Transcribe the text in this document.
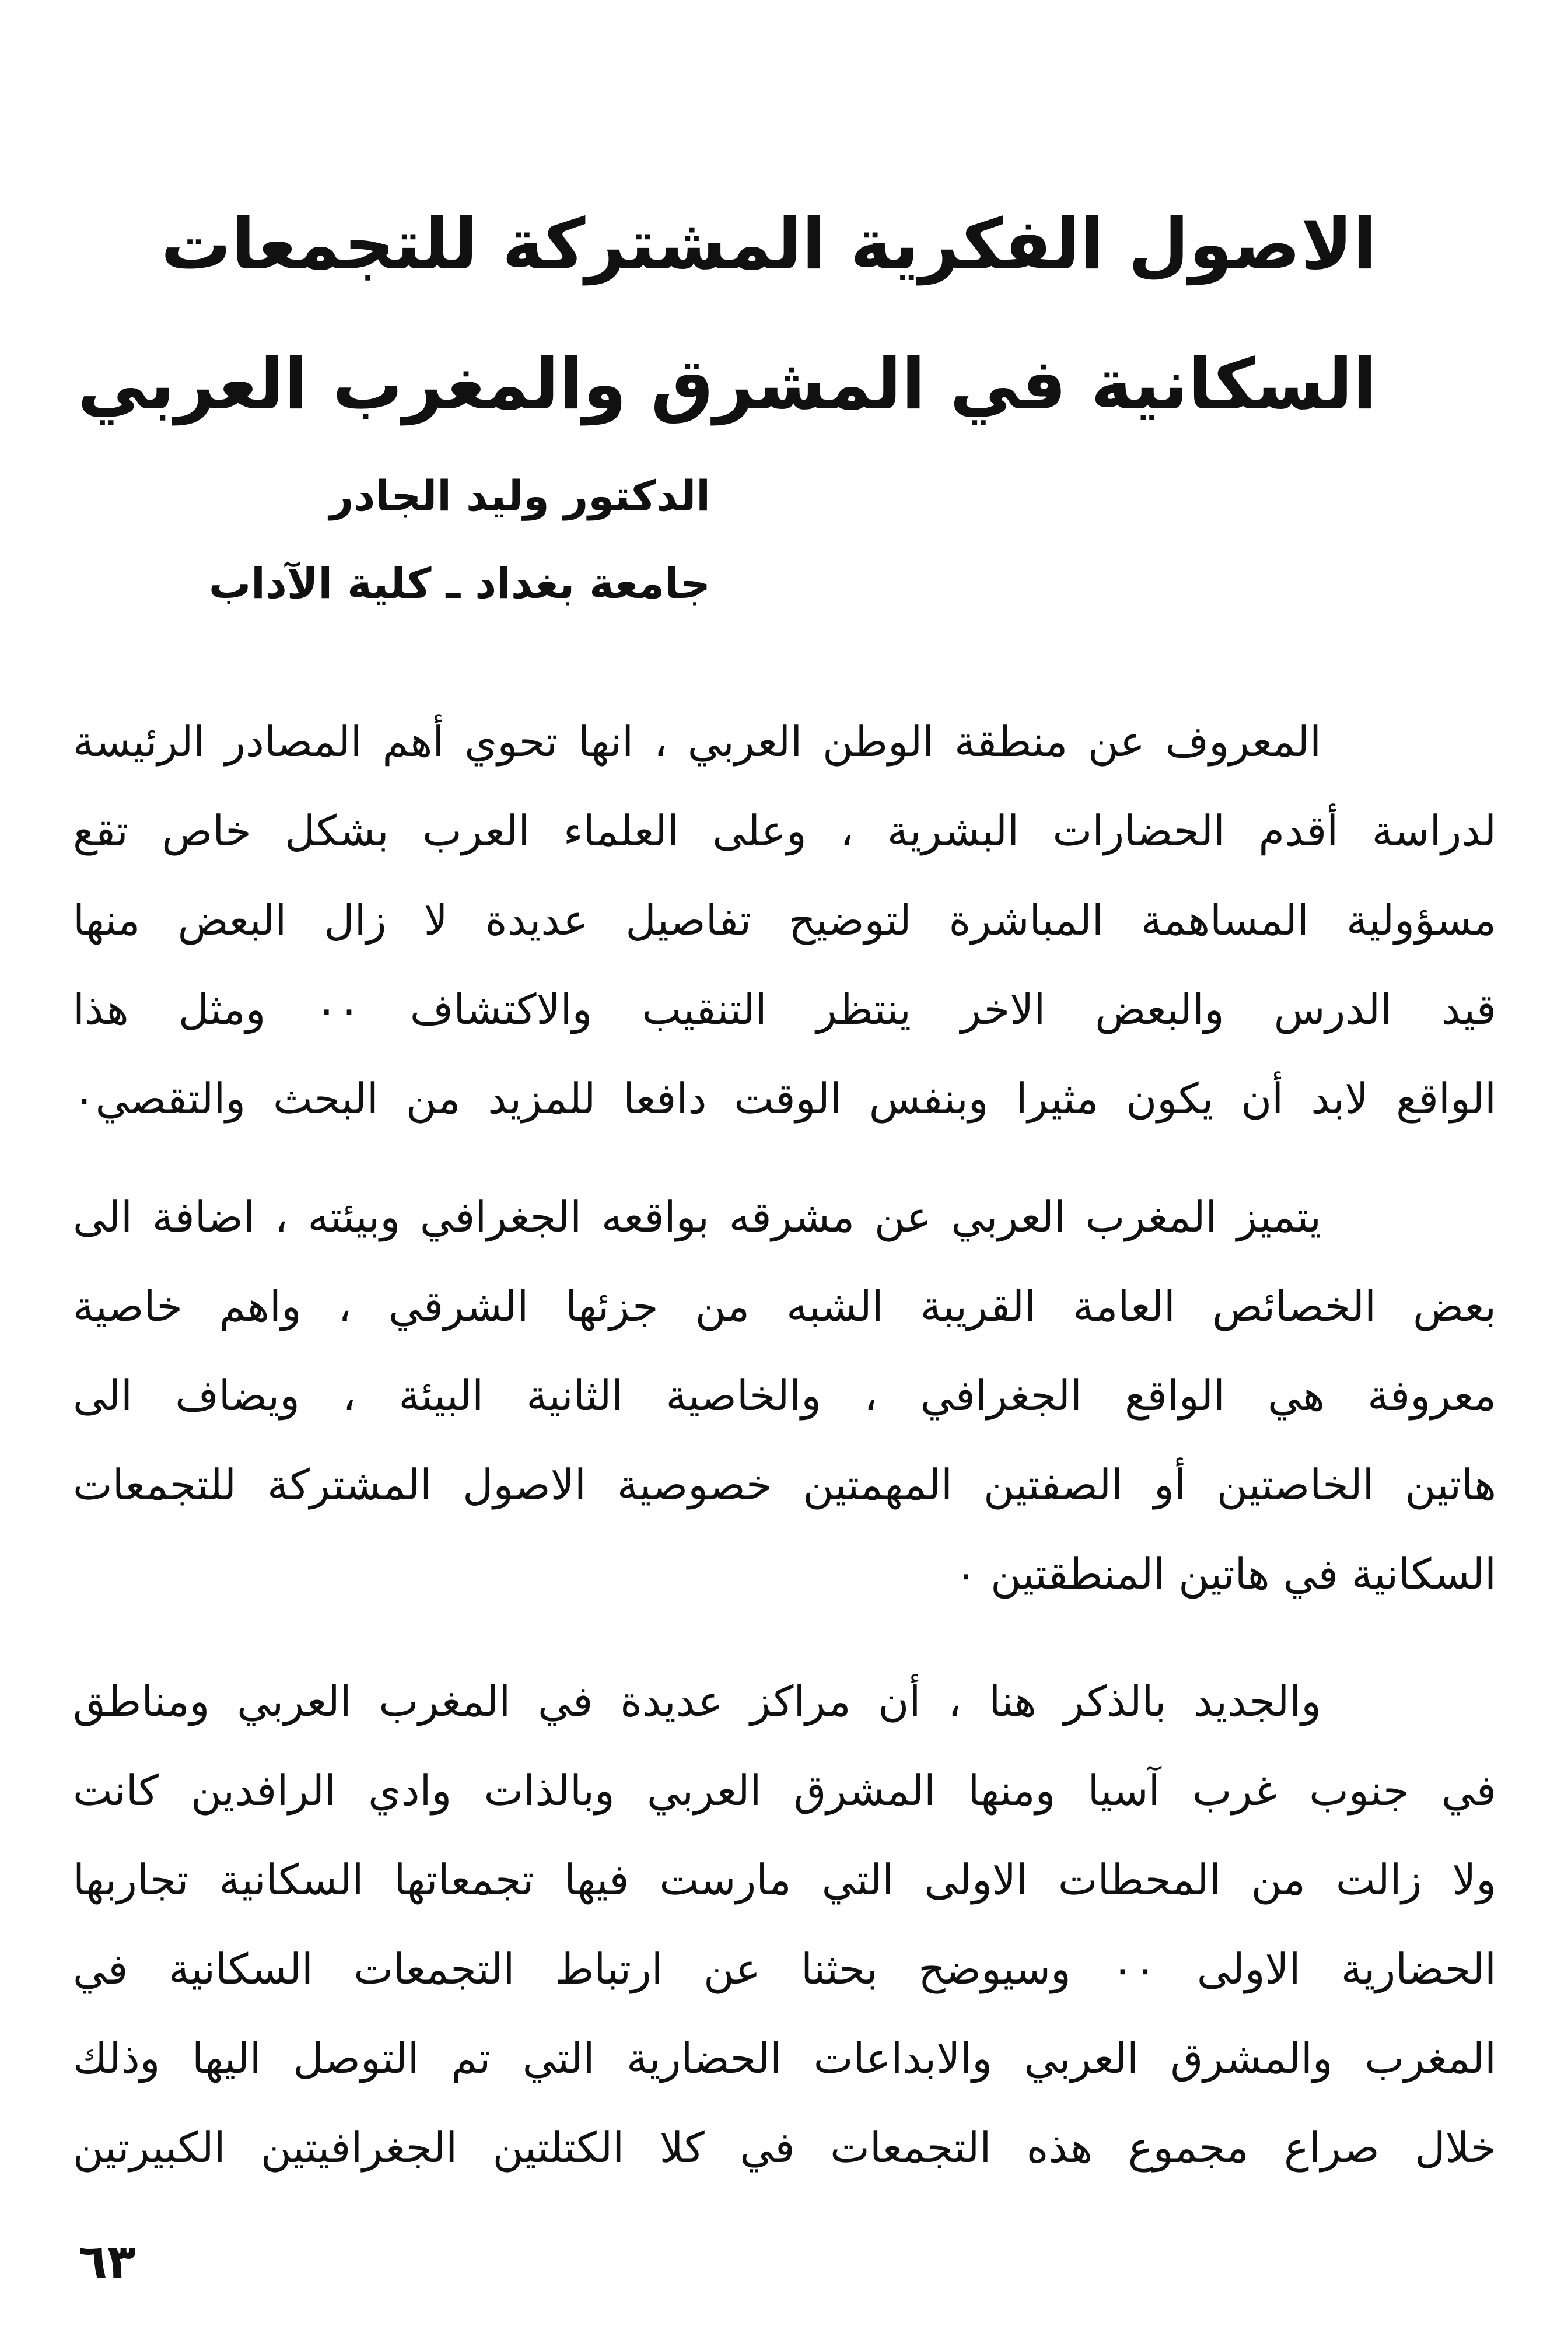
الاصول الفكرية المشتركة للتجمعات
السكانية في المشرق والمغرب العربي
الدكتور وليد الجادر
جامعة بغداد ـ كلية الآداب
المعروف عن منطقة الوطن العربي ، انها تحوي أهم المصادر الرئيسة
لدراسة أقدم الحضارات البشرية ، وعلى العلماء العرب بشكل خاص تقع
مسؤولية المساهمة المباشرة لتوضيح تفاصيل عديدة لا زال البعض منها
قيد الدرس والبعض الاخر ينتظر التنقيب والاكتشاف ٠٠ ومثل هذا
الواقع لابد أن يكون مثيرا وبنفس الوقت دافعا للمزيد من البحث والتقصي٠
يتميز المغرب العربي عن مشرقه بواقعه الجغرافي وبيئته ، اضافة الى
بعض الخصائص العامة القريبة الشبه من جزئها الشرقي ، واهم خاصية
معروفة هي الواقع الجغرافي ، والخاصية الثانية البيئة ، ويضاف الى
هاتين الخاصتين أو الصفتين المهمتين خصوصية الاصول المشتركة للتجمعات
السكانية في هاتين المنطقتين ٠
والجديد بالذكر هنا ، أن مراكز عديدة في المغرب العربي ومناطق
في جنوب غرب آسيا ومنها المشرق العربي وبالذات وادي الرافدين كانت
ولا زالت من المحطات الاولى التي مارست فيها تجمعاتها السكانية تجاربها
الحضارية الاولى ٠٠ وسيوضح بحثنا عن ارتباط التجمعات السكانية في
المغرب والمشرق العربي والابداعات الحضارية التي تم التوصل اليها وذلك
خلال صراع مجموع هذه التجمعات في كلا الكتلتين الجغرافيتين الكبيرتين
٦٣
